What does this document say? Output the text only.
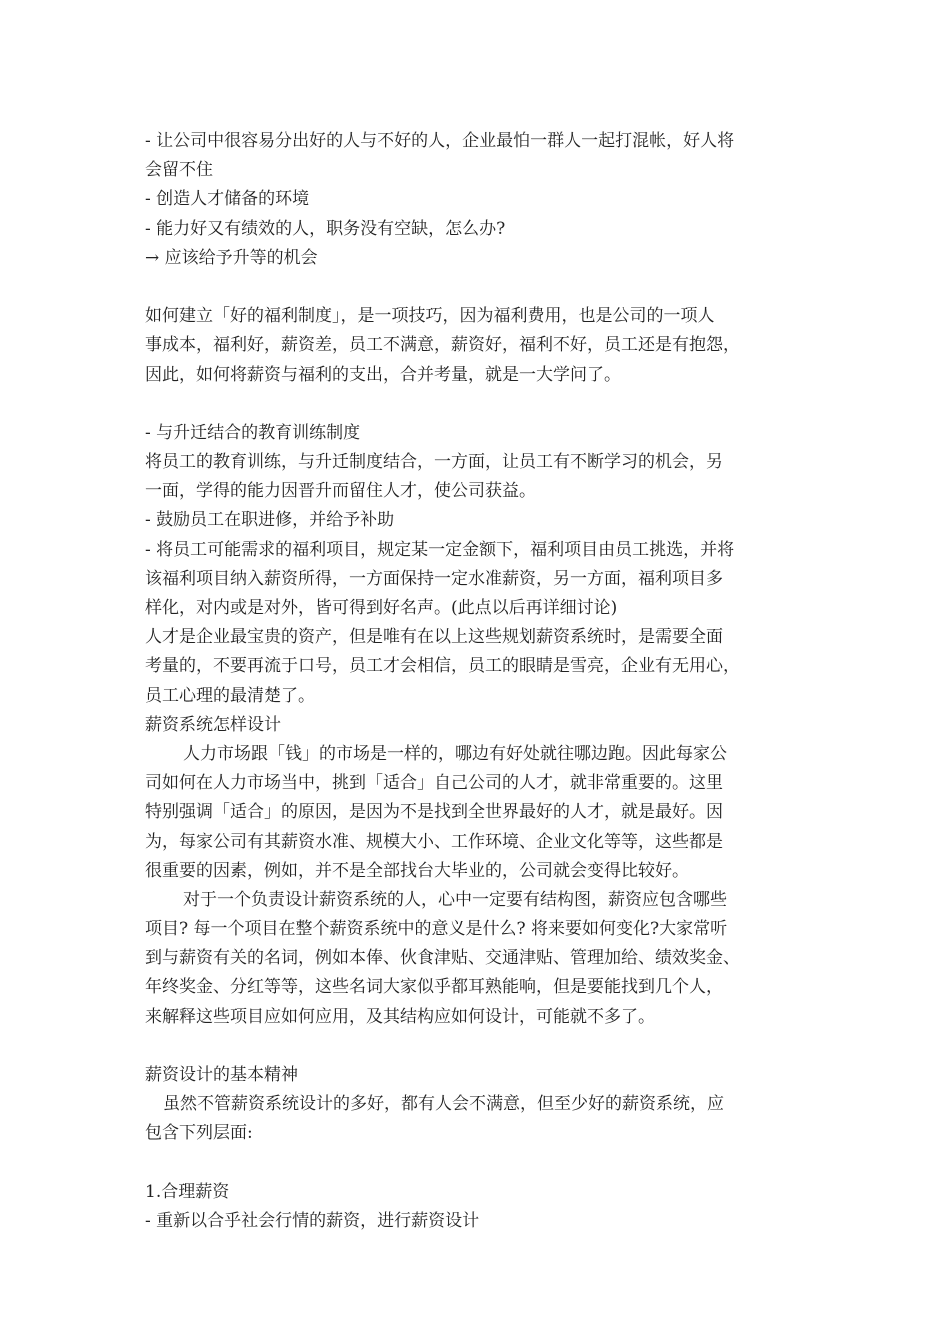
- 让公司中很容易分出好的人与不好的人，企业最怕一群人一起打混帐，好人将
会留不住
- 创造人才储备的环境
- 能力好又有绩效的人，职务没有空缺，怎么办?
→ 应该给予升等的机会
如何建立「好的福利制度」，是一项技巧，因为福利费用，也是公司的一项人
事成本，福利好，薪资差，员工不满意，薪资好，福利不好，员工还是有抱怨，
因此，如何将薪资与福利的支出，合并考量，就是一大学问了。
- 与升迁结合的教育训练制度
将员工的教育训练，与升迁制度结合，一方面，让员工有不断学习的机会，另
一面，学得的能力因晋升而留住人才，使公司获益。
- 鼓励员工在职进修，并给予补助
- 将员工可能需求的福利项目，规定某一定金额下，福利项目由员工挑选，并将
该福利项目纳入薪资所得，一方面保持一定水准薪资，另一方面，福利项目多
样化，对内或是对外，皆可得到好名声。(此点以后再详细讨论)
人才是企业最宝贵的资产，但是唯有在以上这些规划薪资系统时，是需要全面
考量的，不要再流于口号，员工才会相信，员工的眼睛是雪亮，企业有无用心，
员工心理的最清楚了。
薪资系统怎样设计
人力市场跟「钱」的市场是一样的，哪边有好处就往哪边跑。因此每家公
司如何在人力市场当中，挑到「适合」自己公司的人才，就非常重要的。这里
特别强调「适合」的原因，是因为不是找到全世界最好的人才，就是最好。因
为，每家公司有其薪资水准、规模大小、工作环境、企业文化等等，这些都是
很重要的因素，例如，并不是全部找台大毕业的，公司就会变得比较好。
对于一个负责设计薪资系统的人，心中一定要有结构图，薪资应包含哪些
项目? 每一个项目在整个薪资系统中的意义是什么? 将来要如何变化?大家常听
到与薪资有关的名词，例如本俸、伙食津贴、交通津贴、管理加给、绩效奖金、
年终奖金、分红等等，这些名词大家似乎都耳熟能响，但是要能找到几个人，
来解释这些项目应如何应用，及其结构应如何设计，可能就不多了。
薪资设计的基本精神
虽然不管薪资系统设计的多好，都有人会不满意，但至少好的薪资系统，应
包含下列层面:
1.合理薪资
- 重新以合乎社会行情的薪资，进行薪资设计
